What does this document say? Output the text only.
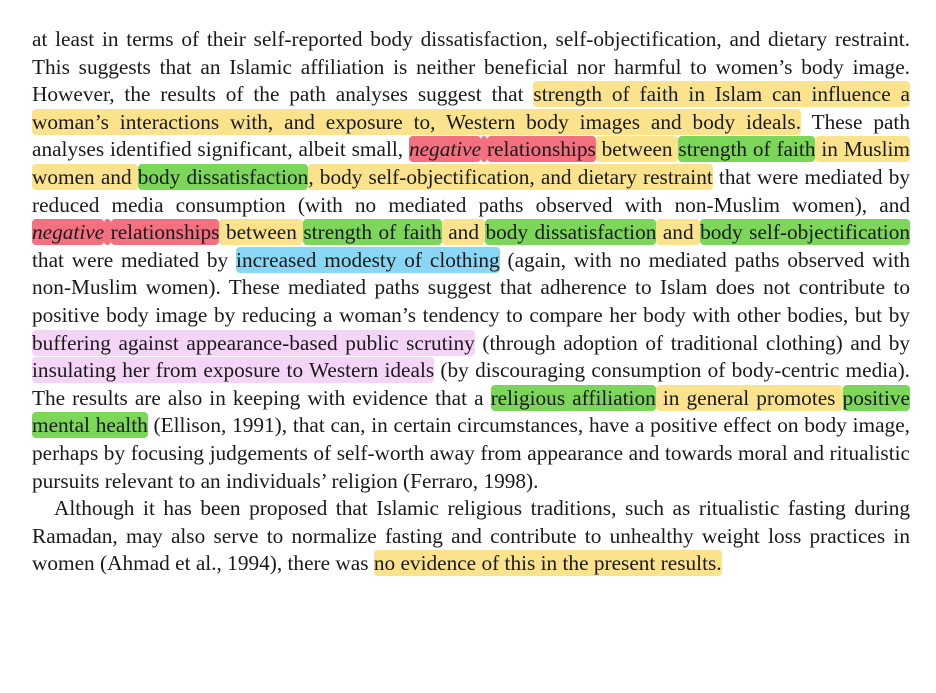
at least in terms of their self-reported body dissatisfaction, self-objectification, and dietary restraint. This suggests that an Islamic affiliation is neither beneficial nor harmful to women’s body image. However, the results of the path analyses suggest that strength of faith in Islam can influence a woman’s interactions with, and exposure to, Western body images and body ideals. These path analyses identified significant, albeit small, negative relationships between strength of faith in Muslim women and body dissatisfaction, body self-objectification, and dietary restraint that were mediated by reduced media consumption (with no mediated paths observed with non-Muslim women), and negative relationships between strength of faith and body dissatisfaction and body self-objectification that were mediated by increased modesty of clothing (again, with no mediated paths observed with non-Muslim women). These mediated paths suggest that adherence to Islam does not contribute to positive body image by reducing a woman’s tendency to compare her body with other bodies, but by buffering against appearance-based public scrutiny (through adoption of traditional clothing) and by insulating her from exposure to Western ideals (by discouraging consumption of body-centric media). The results are also in keeping with evidence that a religious affiliation in general promotes positive mental health (Ellison, 1991), that can, in certain circumstances, have a positive effect on body image, perhaps by focusing judgements of self-worth away from appearance and towards moral and ritualistic pursuits relevant to an individuals’ religion (Ferraro, 1998).

Although it has been proposed that Islamic religious traditions, such as ritualistic fasting during Ramadan, may also serve to normalize fasting and contribute to unhealthy weight loss practices in women (Ahmad et al., 1994), there was no evidence of this in the present results.
